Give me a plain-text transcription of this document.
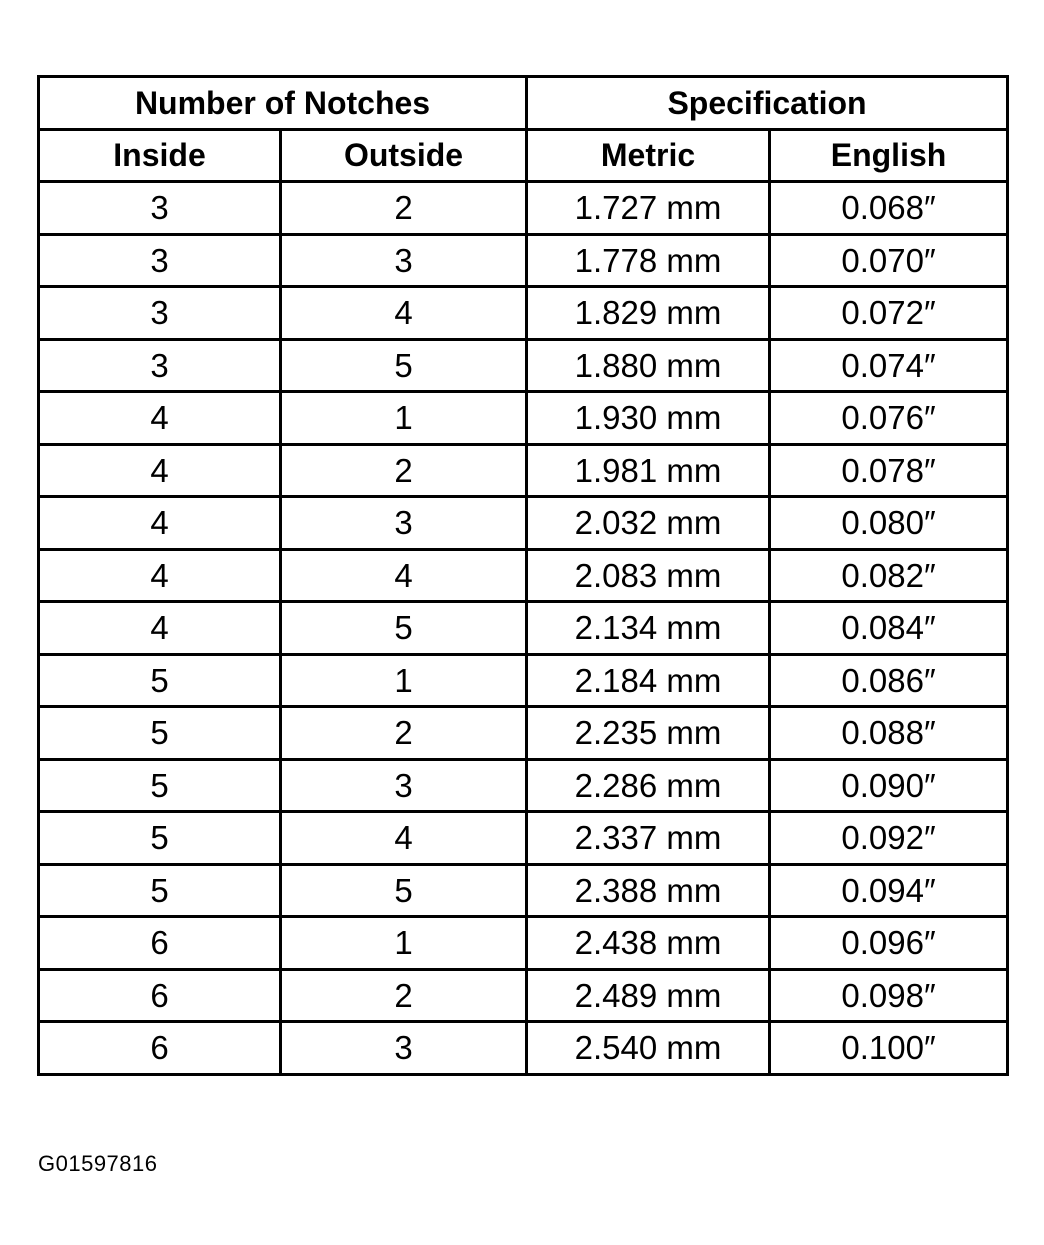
Number of Notches		Specification	
Inside	Outside	Metric	English
3	2	1.727 mm	0.068″
3	3	1.778 mm	0.070″
3	4	1.829 mm	0.072″
3	5	1.880 mm	0.074″
4	1	1.930 mm	0.076″
4	2	1.981 mm	0.078″
4	3	2.032 mm	0.080″
4	4	2.083 mm	0.082″
4	5	2.134 mm	0.084″
5	1	2.184 mm	0.086″
5	2	2.235 mm	0.088″
5	3	2.286 mm	0.090″
5	4	2.337 mm	0.092″
5	5	2.388 mm	0.094″
6	1	2.438 mm	0.096″
6	2	2.489 mm	0.098″
6	3	2.540 mm	0.100″
G01597816
